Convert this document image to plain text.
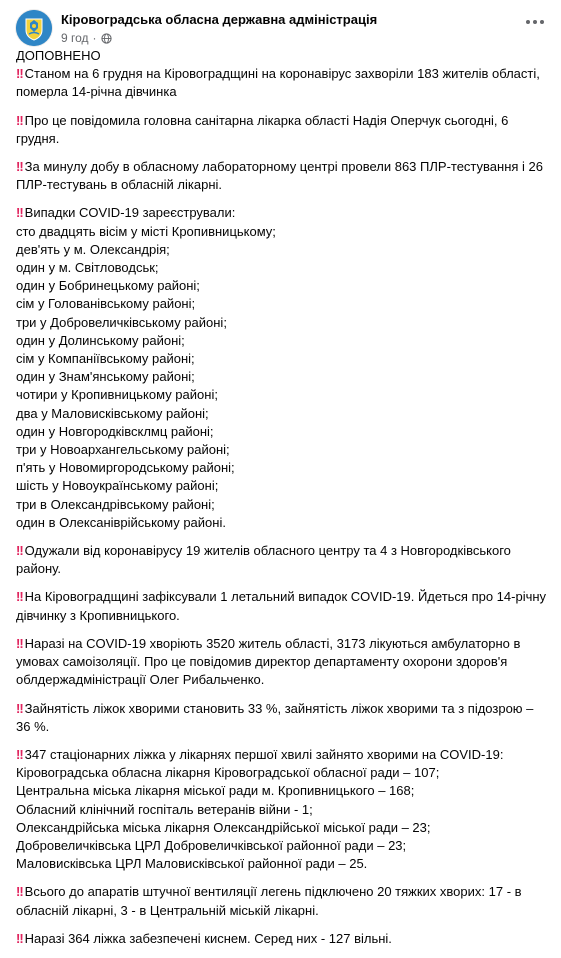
Кіровоградська обласна державна адміністрація
9 год ·
ДОПОВНЕНО
!! Станом на 6 грудня на Кіровоградщині на коронавірус захворіли 183 жителів області, померла 14-річна дівчинка
!! Про це повідомила головна санітарна лікарка області Надія Оперчук сьогодні, 6 грудня.
!! За минулу добу в обласному лабораторному центрі провели 863 ПЛР-тестування і 26 ПЛР-тестувань в обласній лікарні.
!! Випадки COVID-19 зареєстрували:
сто двадцять вісім у місті Кропивницькому;
дев'ять у м. Олександрія;
один у м. Світловодськ;
один у Бобринецькому районі;
сім у Голованівському районі;
три у Добровеличківському районі;
один у Долинському районі;
сім у Компаніївському районі;
один у Знам'янському районі;
чотири у Кропивницькому районі;
два у Маловисківському районі;
один у Новгородківсклмц районі;
три у Новоархангельському районі;
п'ять у Новомиргородському районі;
шість у Новоукраїнському районі;
три в Олександрівському районі;
один в Олексаніврійському районі.
!! Одужали від коронавірусу 19 жителів обласного центру та 4 з Новгородківського району.
!! На Кіровоградщині зафіксували 1 летальний випадок COVID-19. Йдеться про 14-річну дівчинку з Кропивницького.
!! Наразі на COVID-19 хворіють 3520 житель області, 3173 лікуються амбулаторно в умовах самоізоляції. Про це повідомив директор департаменту охорони здоров'я облдержадміністрації Олег Рибальченко.
!! Зайнятість ліжок хворими становить 33 %, зайнятість ліжок хворими та з підозрою – 36 %.
!! 347 стаціонарних ліжка у лікарнях першої хвилі зайнято хворими на COVID-19:
Кіровоградська обласна лікарня Кіровоградської обласної ради – 107;
Центральна міська лікарня міської ради м. Кропивницького – 168;
Обласний клінічний госпіталь ветеранів війни - 1;
Олександрійська міська лікарня Олександрійської міської ради – 23;
Добровеличківська ЦРЛ Добровеличківської районної ради – 23;
Маловисківська ЦРЛ Маловисківської районної ради – 25.
!! Всього до апаратів штучної вентиляції легень підключено 20 тяжких хворих: 17 - в обласній лікарні, 3 - в Центральній міській лікарні.
!! Наразі 364 ліжка забезпечені киснем. Серед них - 127 вільні.
